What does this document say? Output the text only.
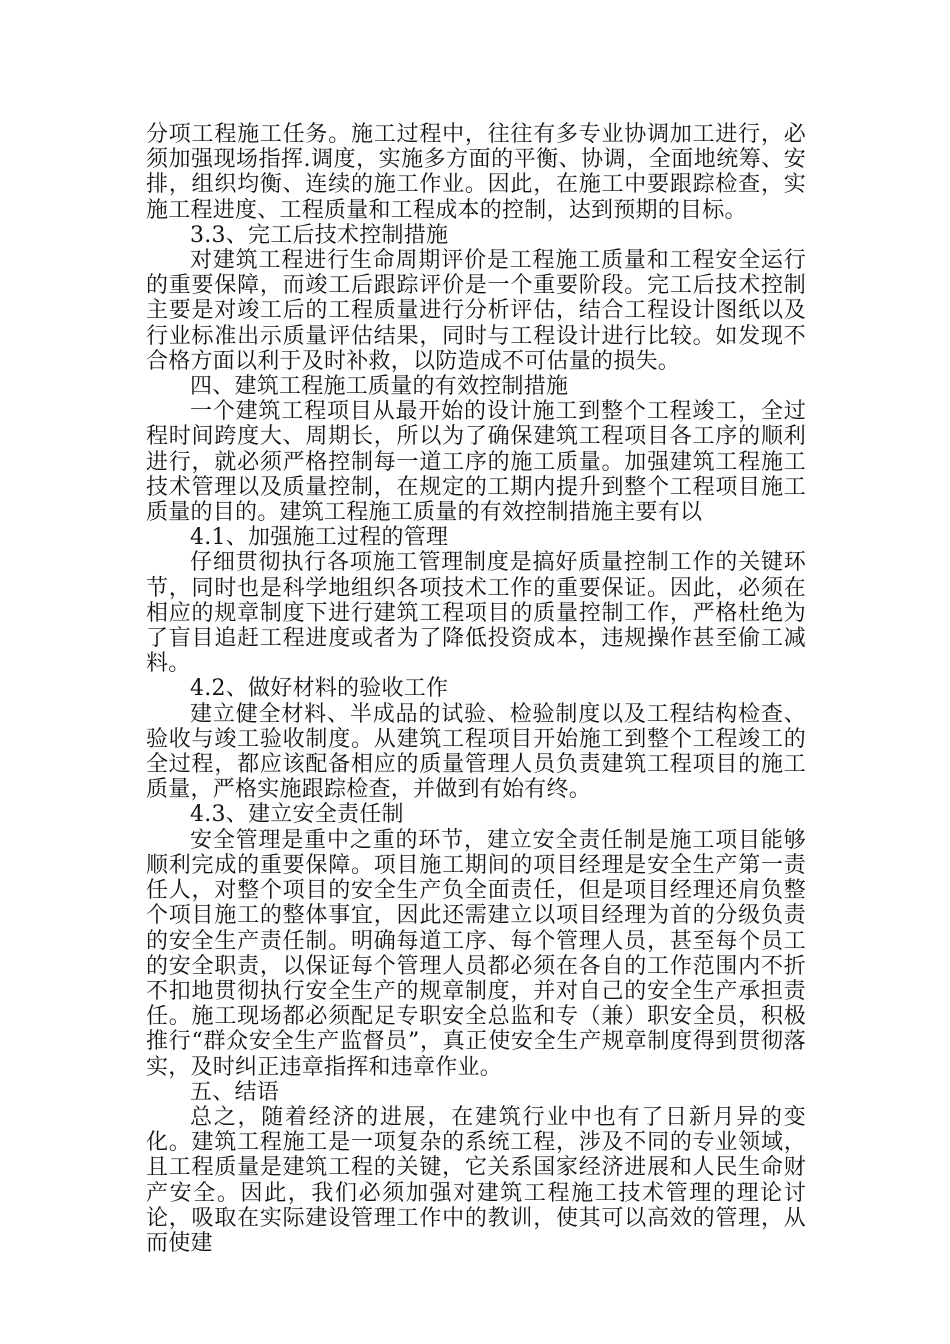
分项工程施工任务。施工过程中，往往有多专业协调加工进行，必须加强现场指挥.调度，实施多方面的平衡、协调，全面地统筹、安排，组织均衡、连续的施工作业。因此，在施工中要跟踪检查，实施工程进度、工程质量和工程成本的控制，达到预期的目标。

3.3、完工后技术控制措施

对建筑工程进行生命周期评价是工程施工质量和工程安全运行的重要保障，而竣工后跟踪评价是一个重要阶段。完工后技术控制主要是对竣工后的工程质量进行分析评估，结合工程设计图纸以及行业标准出示质量评估结果，同时与工程设计进行比较。如发现不合格方面以利于及时补救，以防造成不可估量的损失。

四、建筑工程施工质量的有效控制措施

一个建筑工程项目从最开始的设计施工到整个工程竣工，全过程时间跨度大、周期长，所以为了确保建筑工程项目各工序的顺利进行，就必须严格控制每一道工序的施工质量。加强建筑工程施工技术管理以及质量控制，在规定的工期内提升到整个工程项目施工质量的目的。建筑工程施工质量的有效控制措施主要有以

4.1、加强施工过程的管理

仔细贯彻执行各项施工管理制度是搞好质量控制工作的关键环节，同时也是科学地组织各项技术工作的重要保证。因此，必须在相应的规章制度下进行建筑工程项目的质量控制工作，严格杜绝为了盲目追赶工程进度或者为了降低投资成本，违规操作甚至偷工减料。

4.2、做好材料的验收工作

建立健全材料、半成品的试验、检验制度以及工程结构检查、验收与竣工验收制度。从建筑工程项目开始施工到整个工程竣工的全过程，都应该配备相应的质量管理人员负责建筑工程项目的施工质量，严格实施跟踪检查，并做到有始有终。

4.3、建立安全责任制

安全管理是重中之重的环节，建立安全责任制是施工项目能够顺利完成的重要保障。项目施工期间的项目经理是安全生产第一责任人，对整个项目的安全生产负全面责任，但是项目经理还肩负整个项目施工的整体事宜，因此还需建立以项目经理为首的分级负责的安全生产责任制。明确每道工序、每个管理人员，甚至每个员工的安全职责，以保证每个管理人员都必须在各自的工作范围内不折不扣地贯彻执行安全生产的规章制度，并对自己的安全生产承担责任。施工现场都必须配足专职安全总监和专（兼）职安全员，积极推行“群众安全生产监督员”，真正使安全生产规章制度得到贯彻落实，及时纠正违章指挥和违章作业。

五、结语

总之，随着经济的进展，在建筑行业中也有了日新月异的变化。建筑工程施工是一项复杂的系统工程，涉及不同的专业领域，且工程质量是建筑工程的关键，它关系国家经济进展和人民生命财产安全。因此，我们必须加强对建筑工程施工技术管理的理论讨论，吸取在实际建设管理工作中的教训，使其可以高效的管理，从而使建
